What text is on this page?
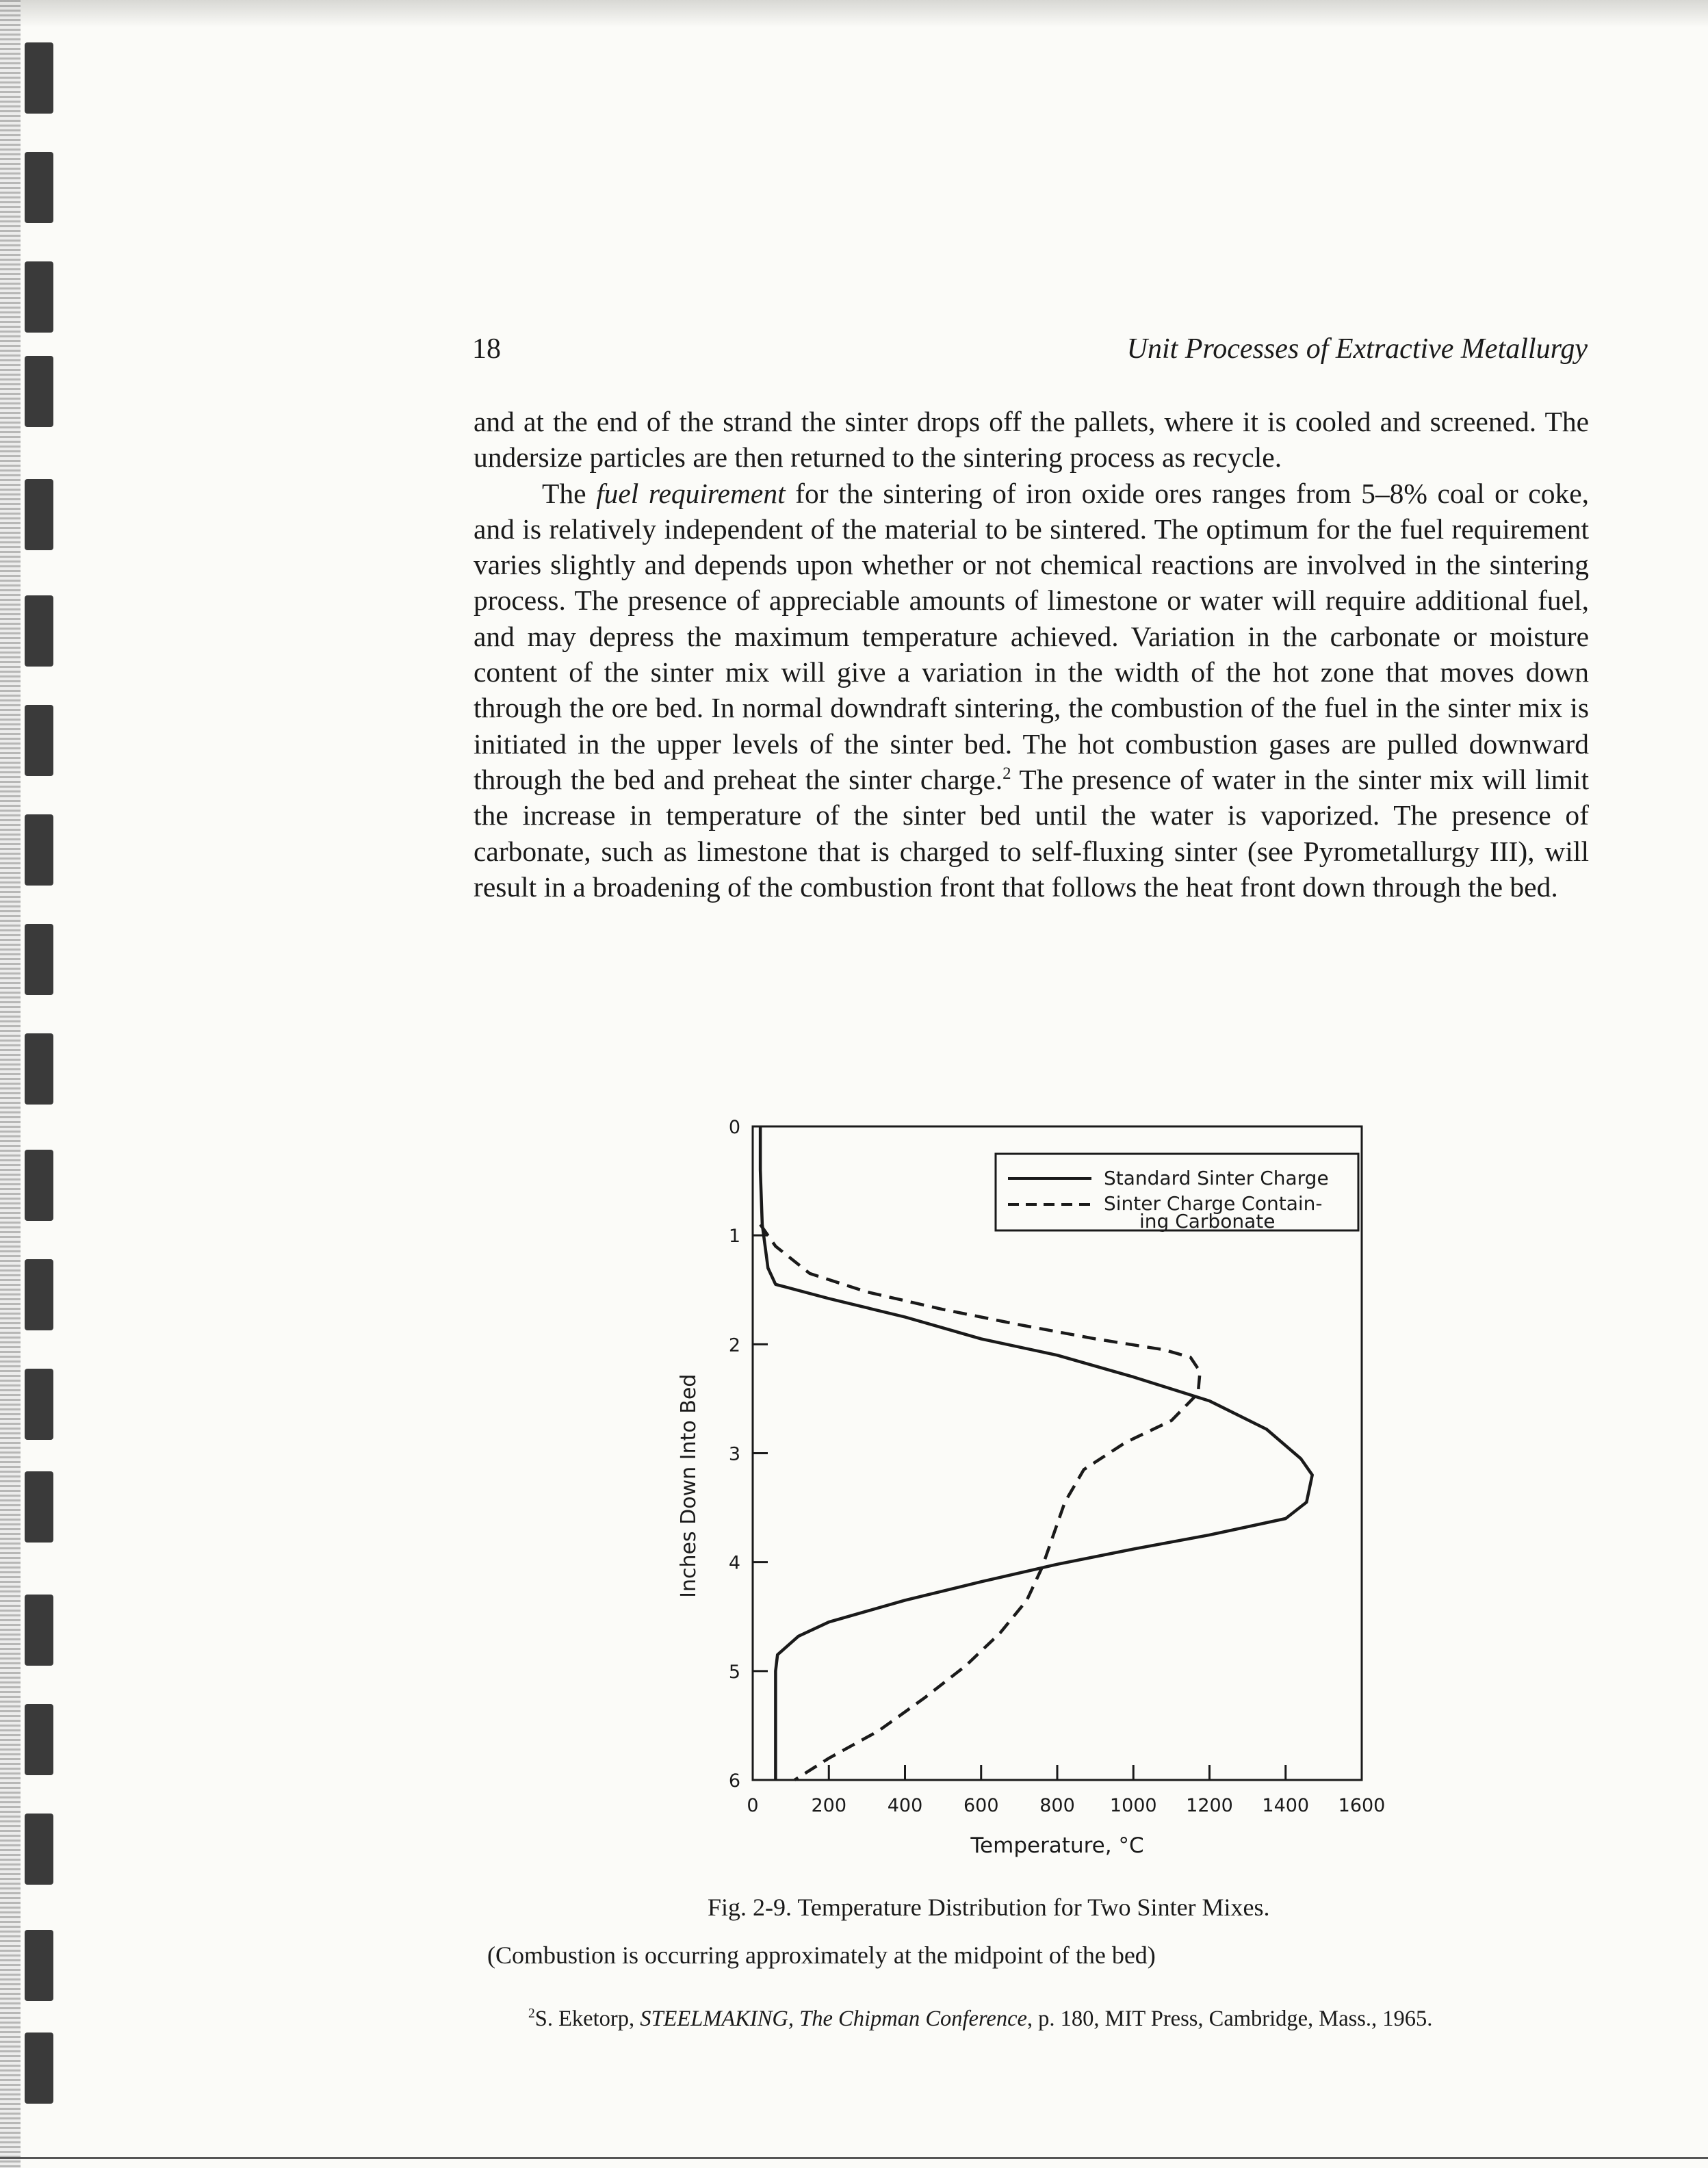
18	Unit Processes of Extractive Metallurgy

and at the end of the strand the sinter drops off the pallets, where it is cooled and screened. The undersize particles are then returned to the sintering process as recycle.

The fuel requirement for the sintering of iron oxide ores ranges from 5–8% coal or coke, and is relatively independent of the material to be sintered. The optimum for the fuel requirement varies slightly and depends upon whether or not chemical reactions are involved in the sintering process. The presence of appreciable amounts of limestone or water will require additional fuel, and may depress the maximum temperature achieved. Variation in the carbonate or moisture content of the sinter mix will give a variation in the width of the hot zone that moves down through the ore bed. In normal downdraft sintering, the combustion of the fuel in the sinter mix is initiated in the upper levels of the sinter bed. The hot combustion gases are pulled downward through the bed and preheat the sinter charge.$^2$ The presence of water in the sinter mix will limit the increase in temperature of the sinter bed until the water is vaporized. The presence of carbonate, such as limestone that is charged to self-fluxing sinter (see Pyrometallurgy III), will result in a broadening of the combustion front that follows the heat front down through the bed.

0	200 400 600 800 1000 1200 1400 1600
0
1
2
3
4
5
6
Temperature, °C
Inches Down Into Bed
Standard Sinter Charge
Sinter Charge Contain-
ing Carbonate
Fig. 2-9. Temperature Distribution for Two Sinter Mixes.
(Combustion is occurring approximately at the midpoint of the bed)
$^2$S. Eketorp, STEELMAKING, The Chipman Conference, p. 180, MIT Press, Cambridge, Mass., 1965.
